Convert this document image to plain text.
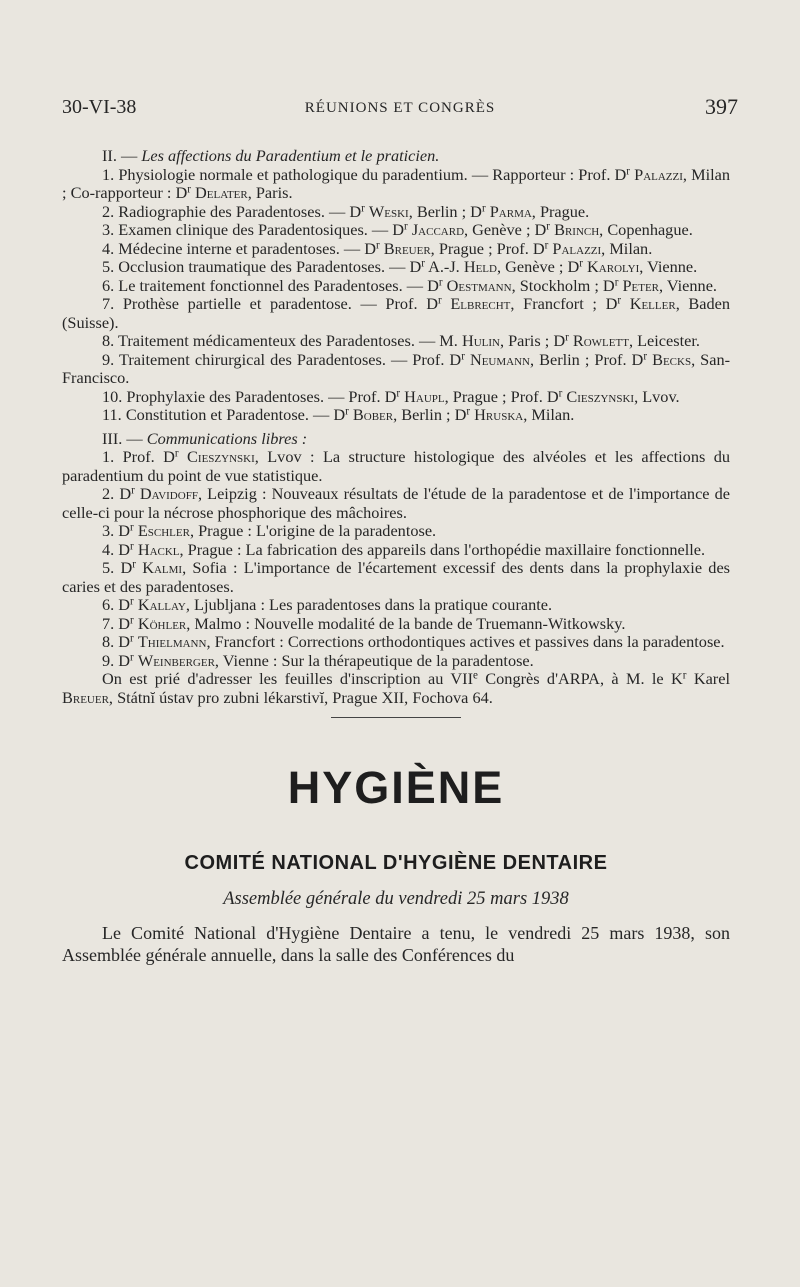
30-VI-38	RÉUNIONS ET CONGRÈS	397

II. — Les affections du Paradentium et le praticien.

1. Physiologie normale et pathologique du paradentium. — Rapporteur : Prof. $D^r$ Palazzi, Milan ; Co-rapporteur : $D^r$ Delater, Paris.

2. Radiographie des Paradentoses. — $D^r$ Weski, Berlin ; $D^r$ Parma, Prague.

3. Examen clinique des Paradentosiques. — $D^r$ Jaccard, Genève ; $D^r$ Brinch, Copenhague.

4. Médecine interne et paradentoses. — $D^r$ Breuer, Prague ; Prof. $D^r$ Palazzi, Milan.

5. Occlusion traumatique des Paradentoses. — $D^r$ A.-J. Held, Genève ; $D^r$ Karolyi, Vienne.

6. Le traitement fonctionnel des Paradentoses. — $D^r$ Oestmann, Stockholm ; $D^r$ Peter, Vienne.

7. Prothèse partielle et paradentose. — Prof. $D^r$ Elbrecht, Francfort ; $D^r$ Keller, Baden (Suisse).

8. Traitement médicamenteux des Paradentoses. — M. Hulin, Paris ; $D^r$ Rowlett, Leicester.

9. Traitement chirurgical des Paradentoses. — Prof. $D^r$ Neumann, Berlin ; Prof. $D^r$ Becks, San-Francisco.

10. Prophylaxie des Paradentoses. — Prof. $D^r$ Haupl, Prague ; Prof. $D^r$ Cieszynski, Lvov.

11. Constitution et Paradentose. — $D^r$ Bober, Berlin ; $D^r$ Hruska, Milan.

III. — Communications libres :

1. Prof. $D^r$ Cieszynski, Lvov : La structure histologique des alvéoles et les affections du paradentium du point de vue statistique.

2. $D^r$ Davidoff, Leipzig : Nouveaux résultats de l'étude de la paradentose et de l'importance de celle-ci pour la nécrose phosphorique des mâchoires.

3. $D^r$ Eschler, Prague : L'origine de la paradentose.

4. $D^r$ Hackl, Prague : La fabrication des appareils dans l'orthopédie maxillaire fonctionnelle.

5. $D^r$ Kalmi, Sofia : L'importance de l'écartement excessif des dents dans la prophylaxie des caries et des paradentoses.

6. $D^r$ Kallay, Ljubljana : Les paradentoses dans la pratique courante.

7. $D^r$ Köhler, Malmo : Nouvelle modalité de la bande de Truemann-Witkowsky.

8. $D^r$ Thielmann, Francfort : Corrections orthodontiques actives et passives dans la paradentose.

9. $D^r$ Weinberger, Vienne : Sur la thérapeutique de la paradentose.

On est prié d'adresser les feuilles d'inscription au VIIe Congrès d'ARPA, à M. le $K^r$ Karel Breuer, Státnĭ ústav pro zubni lékarstivĭ, Prague XII, Fochova 64.

HYGIÈNE
COMITÉ NATIONAL D'HYGIÈNE DENTAIRE
Assemblée générale du vendredi 25 mars 1938

Le Comité National d'Hygiène Dentaire a tenu, le vendredi 25 mars 1938, son Assemblée générale annuelle, dans la salle des Conférences du
